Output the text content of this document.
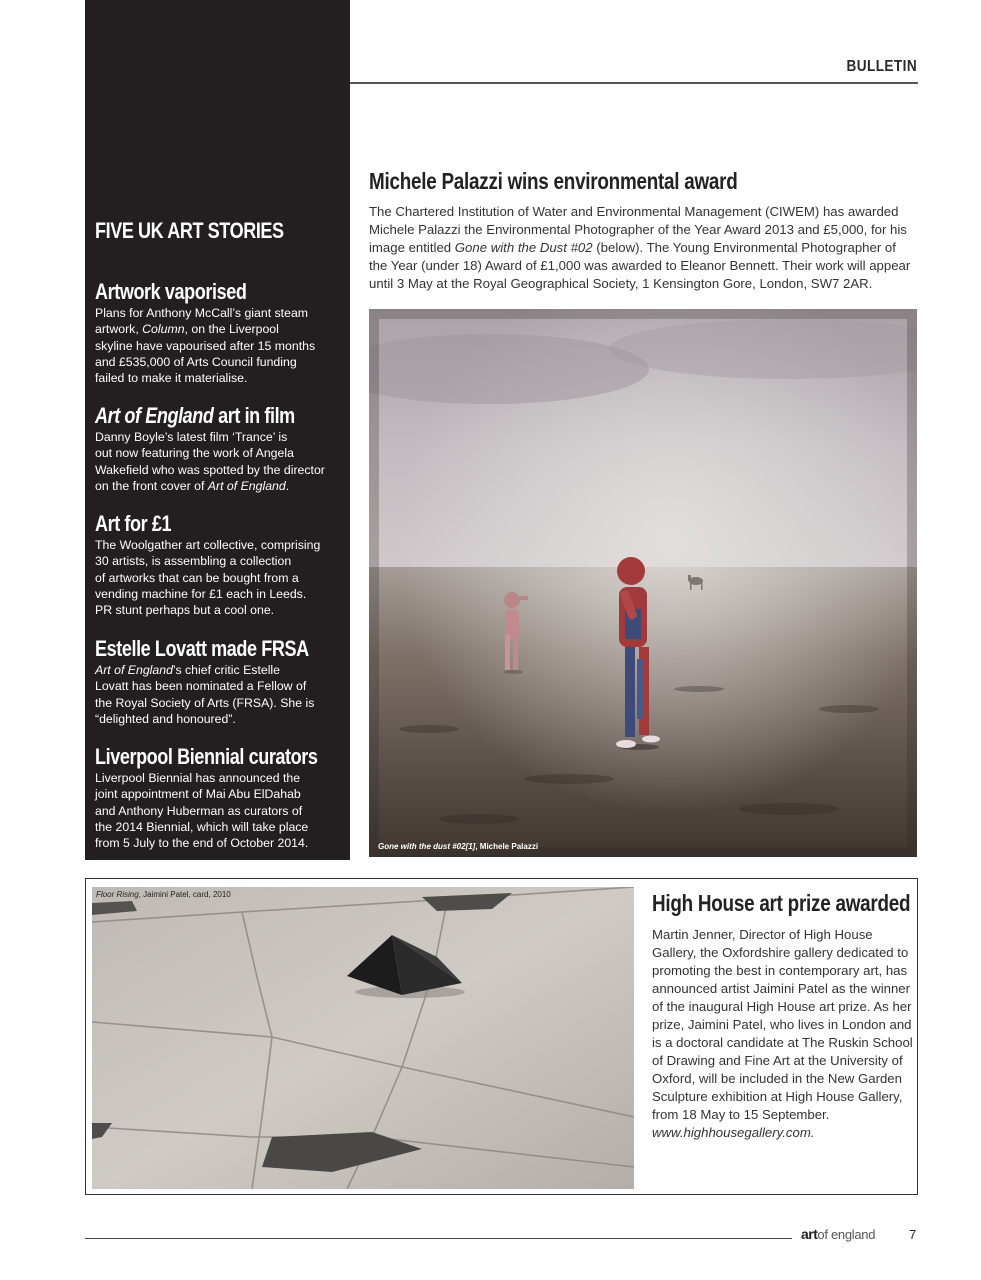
FIVE UK ART STORIES
Artwork vaporised
Plans for Anthony McCall’s giant steam
artwork, Column, on the Liverpool
skyline have vapourised after 15 months
and £535,000 of Arts Council funding
failed to make it materialise.
Art of England art in film
Danny Boyle’s latest film ‘Trance’ is
out now featuring the work of Angela
Wakefield who was spotted by the director
on the front cover of Art of England.
Art for £1
The Woolgather art collective, comprising
30 artists, is assembling a collection
of artworks that can be bought from a
vending machine for £1 each in Leeds.
PR stunt perhaps but a cool one.
Estelle Lovatt made FRSA
Art of England’s chief critic Estelle
Lovatt has been nominated a Fellow of
the Royal Society of Arts (FRSA). She is
“delighted and honoured”.
Liverpool Biennial curators
Liverpool Biennial has announced the
joint appointment of Mai Abu ElDahab
and Anthony Huberman as curators of
the 2014 Biennial, which will take place
from 5 July to the end of October 2014.
BULLETIN
Michele Palazzi wins environmental award
The Chartered Institution of Water and Environmental Management (CIWEM) has awarded Michele Palazzi the Environmental Photographer of the Year Award 2013 and £5,000, for his image entitled Gone with the Dust #02 (below). The Young Environmental Photographer of the Year (under 18) Award of £1,000 was awarded to Eleanor Bennett. Their work will appear until 3 May at the Royal Geographical Society, 1 Kensington Gore, London, SW7 2AR.
Gone with the dust #02[1], Michele Palazzi
Floor Rising, Jaimini Patel, card, 2010	High House art prize awarded
Martin Jenner, Director of High House Gallery, the Oxfordshire gallery dedicated to promoting the best in contemporary art, has announced artist Jaimini Patel as the winner of the inaugural High House art prize. As her prize, Jaimini Patel, who lives in London and is a doctoral candidate at The Ruskin School of Drawing and Fine Art at the University of Oxford, will be included in the New Garden Sculpture exhibition at High House Gallery, from 18 May to 15 September. www.highhousegallery.com.
artof england	7
